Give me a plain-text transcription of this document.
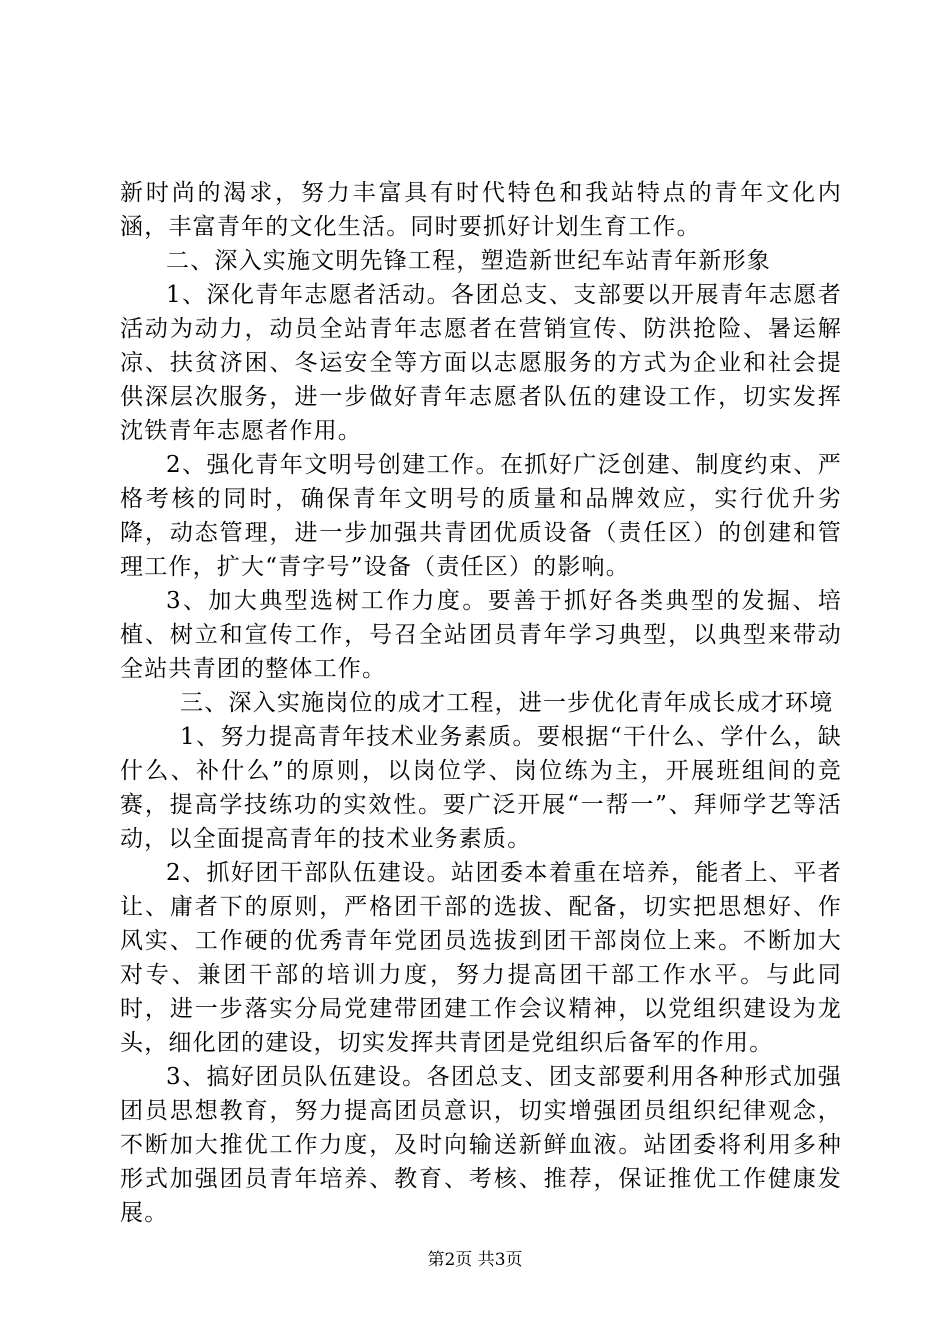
新时尚的渴求，努力丰富具有时代特色和我站特点的青年文化内涵，丰富青年的文化生活。同时要抓好计划生育工作。

二、深入实施文明先锋工程，塑造新世纪车站青年新形象

1、深化青年志愿者活动。各团总支、支部要以开展青年志愿者活动为动力，动员全站青年志愿者在营销宣传、防洪抢险、暑运解凉、扶贫济困、冬运安全等方面以志愿服务的方式为企业和社会提供深层次服务，进一步做好青年志愿者队伍的建设工作，切实发挥沈铁青年志愿者作用。

2、强化青年文明号创建工作。在抓好广泛创建、制度约束、严格考核的同时，确保青年文明号的质量和品牌效应，实行优升劣降，动态管理，进一步加强共青团优质设备（责任区）的创建和管理工作，扩大“青字号”设备（责任区）的影响。

3、加大典型选树工作力度。要善于抓好各类典型的发掘、培植、树立和宣传工作，号召全站团员青年学习典型，以典型来带动全站共青团的整体工作。

三、深入实施岗位的成才工程，进一步优化青年成长成才环境

1、努力提高青年技术业务素质。要根据“干什么、学什么，缺什么、补什么”的原则，以岗位学、岗位练为主，开展班组间的竞赛，提高学技练功的实效性。要广泛开展“一帮一”、拜师学艺等活动，以全面提高青年的技术业务素质。

2、抓好团干部队伍建设。站团委本着重在培养，能者上、平者让、庸者下的原则，严格团干部的选拔、配备，切实把思想好、作风实、工作硬的优秀青年党团员选拔到团干部岗位上来。不断加大对专、兼团干部的培训力度，努力提高团干部工作水平。与此同时，进一步落实分局党建带团建工作会议精神，以党组织建设为龙头，细化团的建设，切实发挥共青团是党组织后备军的作用。

3、搞好团员队伍建设。各团总支、团支部要利用各种形式加强团员思想教育，努力提高团员意识，切实增强团员组织纪律观念，不断加大推优工作力度，及时向输送新鲜血液。站团委将利用多种形式加强团员青年培养、教育、考核、推荐，保证推优工作健康发展。

第2页 共3页
